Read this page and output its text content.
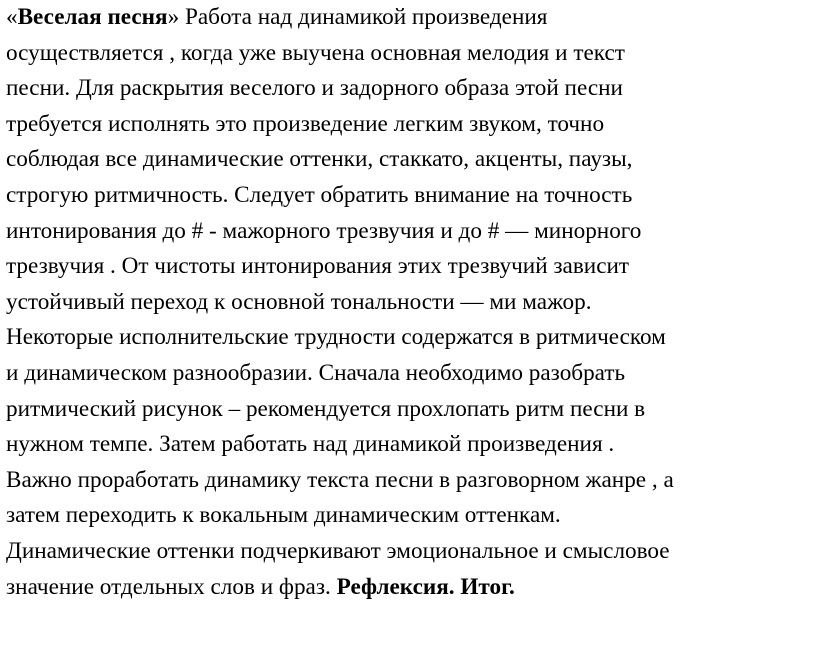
«Веселая песня» Работа над динамикой произведения
осуществляется , когда уже выучена основная мелодия и текст
песни. Для раскрытия веселого и задорного образа этой песни
требуется исполнять это произведение легким звуком, точно
соблюдая все динамические оттенки, стаккато, акценты, паузы,
строгую ритмичность. Следует обратить внимание на точность
интонирования до # - мажорного трезвучия и до # — минорного
трезвучия . От чистоты интонирования этих трезвучий зависит
устойчивый переход к основной тональности — ми мажор.
Некоторые исполнительские трудности содержатся в ритмическом
и динамическом разнообразии. Сначала необходимо разобрать
ритмический рисунок – рекомендуется прохлопать ритм песни в
нужном темпе. Затем работать над динамикой произведения .
Важно проработать динамику текста песни в разговорном жанре , а
затем переходить к вокальным динамическим оттенкам.
Динамические оттенки подчеркивают эмоциональное и смысловое
значение отдельных слов и фраз. Рефлексия. Итог.
